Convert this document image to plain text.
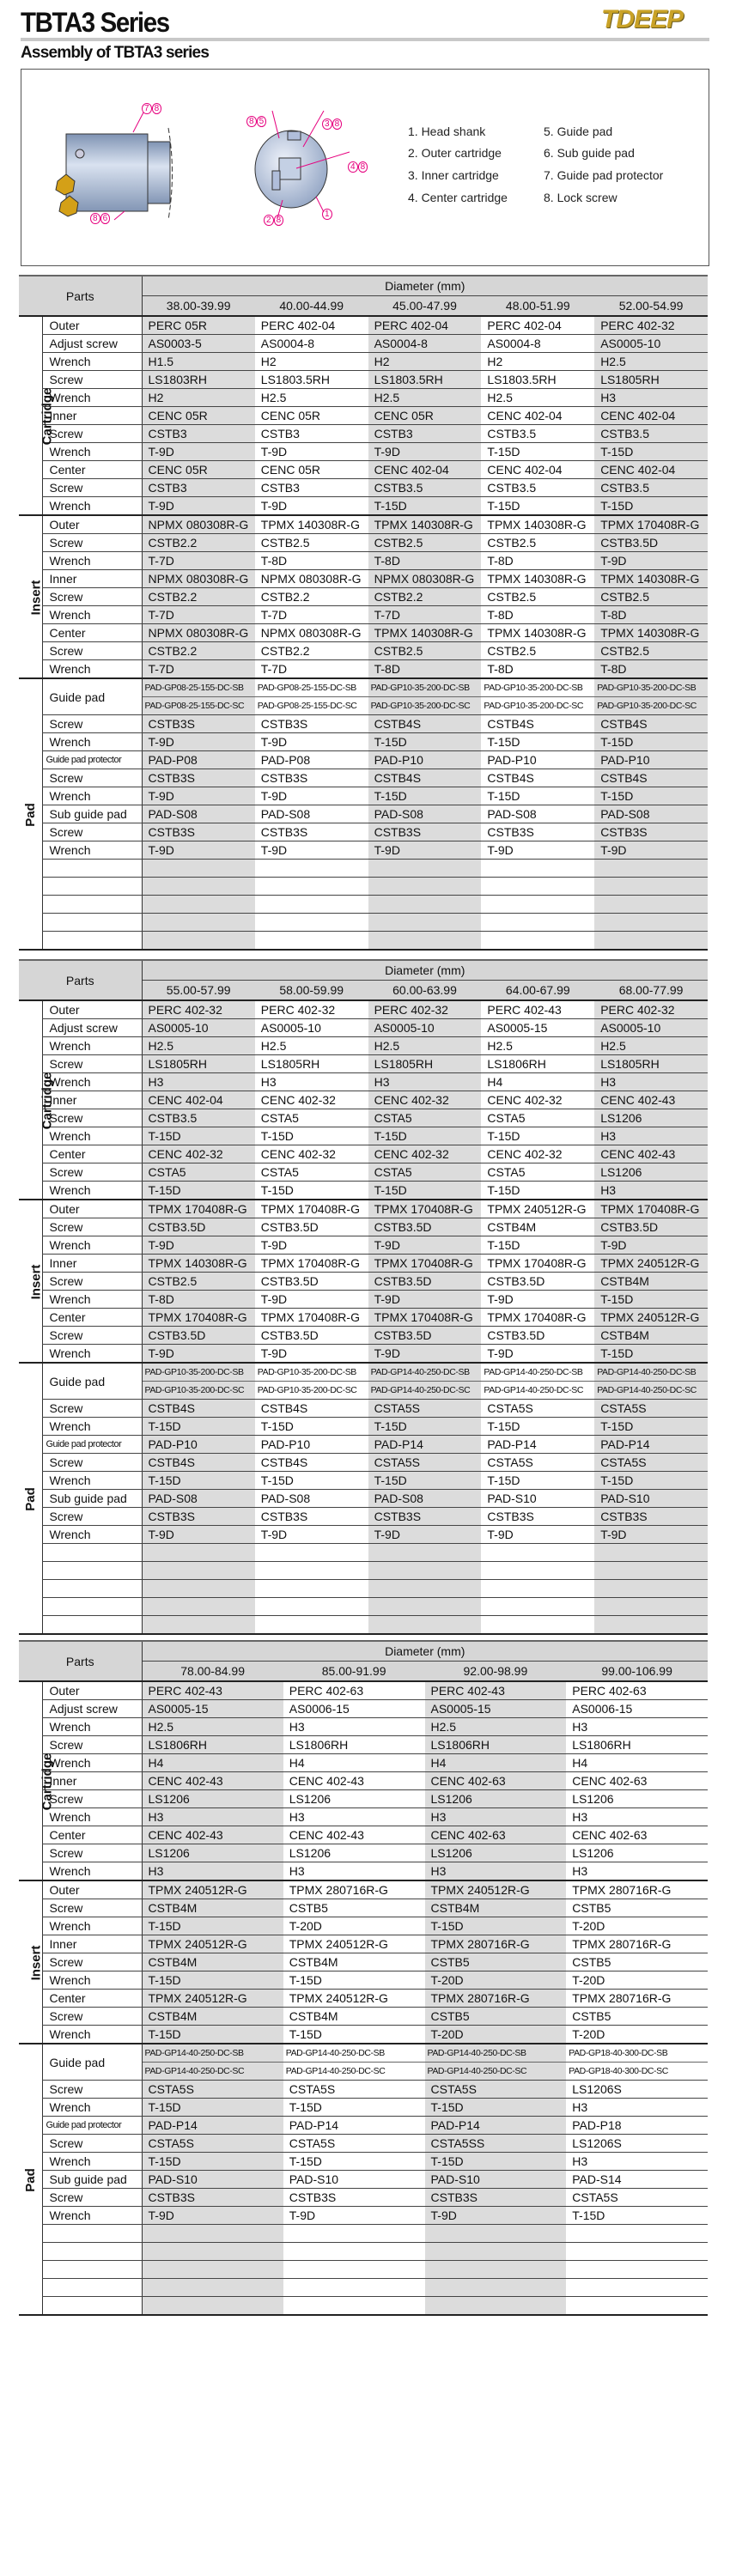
TBTA3 Series	TDEEP
Assembly of TBTA3 series
7 8
8 6
8 5	3 8
4 8
2 8
1
1. Head shank
2. Outer cartridge
3. Inner cartridge
4. Center cartridge
5. Guide pad
6. Sub guide pad
7. Guide pad protector
8. Lock screw
Parts		Diameter (mm)				
		38.00-39.99	40.00-44.99	45.00-47.99	48.00-51.99	52.00-54.99
Cartridge	Outer	PERC 05R	PERC 402-04	PERC 402-04	PERC 402-04	PERC 402-32
	Adjust screw	AS0003-5	AS0004-8	AS0004-8	AS0004-8	AS0005-10
	Wrench	H1.5	H2	H2	H2	H2.5
	Screw	LS1803RH	LS1803.5RH	LS1803.5RH	LS1803.5RH	LS1805RH
	Wrench	H2	H2.5	H2.5	H2.5	H3
	Inner	CENC 05R	CENC 05R	CENC 05R	CENC 402-04	CENC 402-04
	Screw	CSTB3	CSTB3	CSTB3	CSTB3.5	CSTB3.5
	Wrench	T-9D	T-9D	T-9D	T-15D	T-15D
	Center	CENC 05R	CENC 05R	CENC 402-04	CENC 402-04	CENC 402-04
	Screw	CSTB3	CSTB3	CSTB3.5	CSTB3.5	CSTB3.5
	Wrench	T-9D	T-9D	T-15D	T-15D	T-15D
Insert	Outer	NPMX 080308R-G	TPMX 140308R-G	TPMX 140308R-G	TPMX 140308R-G	TPMX 170408R-G
	Screw	CSTB2.2	CSTB2.5	CSTB2.5	CSTB2.5	CSTB3.5D
	Wrench	T-7D	T-8D	T-8D	T-8D	T-9D
	Inner	NPMX 080308R-G	NPMX 080308R-G	NPMX 080308R-G	TPMX 140308R-G	TPMX 140308R-G
	Screw	CSTB2.2	CSTB2.2	CSTB2.2	CSTB2.5	CSTB2.5
	Wrench	T-7D	T-7D	T-7D	T-8D	T-8D
	Center	NPMX 080308R-G	NPMX 080308R-G	TPMX 140308R-G	TPMX 140308R-G	TPMX 140308R-G
	Screw	CSTB2.2	CSTB2.2	CSTB2.5	CSTB2.5	CSTB2.5
	Wrench	T-7D	T-7D	T-8D	T-8D	T-8D
Pad	Guide pad	PAD-GP08-25-155-DC-SB	PAD-GP08-25-155-DC-SB	PAD-GP10-35-200-DC-SB	PAD-GP10-35-200-DC-SB	PAD-GP10-35-200-DC-SB
		PAD-GP08-25-155-DC-SC	PAD-GP08-25-155-DC-SC	PAD-GP10-35-200-DC-SC	PAD-GP10-35-200-DC-SC	PAD-GP10-35-200-DC-SC
	Screw	CSTB3S	CSTB3S	CSTB4S	CSTB4S	CSTB4S
	Wrench	T-9D	T-9D	T-15D	T-15D	T-15D
	Guide pad protector	PAD-P08	PAD-P08	PAD-P10	PAD-P10	PAD-P10
	Screw	CSTB3S	CSTB3S	CSTB4S	CSTB4S	CSTB4S
	Wrench	T-9D	T-9D	T-15D	T-15D	T-15D
	Sub guide pad	PAD-S08	PAD-S08	PAD-S08	PAD-S08	PAD-S08
	Screw	CSTB3S	CSTB3S	CSTB3S	CSTB3S	CSTB3S
	Wrench	T-9D	T-9D	T-9D	T-9D	T-9D

Parts		Diameter (mm)				
		55.00-57.99	58.00-59.99	60.00-63.99	64.00-67.99	68.00-77.99
Cartridge	Outer	PERC 402-32	PERC 402-32	PERC 402-32	PERC 402-43	PERC 402-32
	Adjust screw	AS0005-10	AS0005-10	AS0005-10	AS0005-15	AS0005-10
	Wrench	H2.5	H2.5	H2.5	H2.5	H2.5
	Screw	LS1805RH	LS1805RH	LS1805RH	LS1806RH	LS1805RH
	Wrench	H3	H3	H3	H4	H3
	Inner	CENC 402-04	CENC 402-32	CENC 402-32	CENC 402-32	CENC 402-43
	Screw	CSTB3.5	CSTA5	CSTA5	CSTA5	LS1206
	Wrench	T-15D	T-15D	T-15D	T-15D	H3
	Center	CENC 402-32	CENC 402-32	CENC 402-32	CENC 402-32	CENC 402-43
	Screw	CSTA5	CSTA5	CSTA5	CSTA5	LS1206
	Wrench	T-15D	T-15D	T-15D	T-15D	H3
Insert	Outer	TPMX 170408R-G	TPMX 170408R-G	TPMX 170408R-G	TPMX 240512R-G	TPMX 170408R-G
	Screw	CSTB3.5D	CSTB3.5D	CSTB3.5D	CSTB4M	CSTB3.5D
	Wrench	T-9D	T-9D	T-9D	T-15D	T-9D
	Inner	TPMX 140308R-G	TPMX 170408R-G	TPMX 170408R-G	TPMX 170408R-G	TPMX 240512R-G
	Screw	CSTB2.5	CSTB3.5D	CSTB3.5D	CSTB3.5D	CSTB4M
	Wrench	T-8D	T-9D	T-9D	T-9D	T-15D
	Center	TPMX 170408R-G	TPMX 170408R-G	TPMX 170408R-G	TPMX 170408R-G	TPMX 240512R-G
	Screw	CSTB3.5D	CSTB3.5D	CSTB3.5D	CSTB3.5D	CSTB4M
	Wrench	T-9D	T-9D	T-9D	T-9D	T-15D
Pad	Guide pad	PAD-GP10-35-200-DC-SB	PAD-GP10-35-200-DC-SB	PAD-GP14-40-250-DC-SB	PAD-GP14-40-250-DC-SB	PAD-GP14-40-250-DC-SB
		PAD-GP10-35-200-DC-SC	PAD-GP10-35-200-DC-SC	PAD-GP14-40-250-DC-SC	PAD-GP14-40-250-DC-SC	PAD-GP14-40-250-DC-SC
	Screw	CSTB4S	CSTB4S	CSTA5S	CSTA5S	CSTA5S
	Wrench	T-15D	T-15D	T-15D	T-15D	T-15D
	Guide pad protector	PAD-P10	PAD-P10	PAD-P14	PAD-P14	PAD-P14
	Screw	CSTB4S	CSTB4S	CSTA5S	CSTA5S	CSTA5S
	Wrench	T-15D	T-15D	T-15D	T-15D	T-15D
	Sub guide pad	PAD-S08	PAD-S08	PAD-S08	PAD-S10	PAD-S10
	Screw	CSTB3S	CSTB3S	CSTB3S	CSTB3S	CSTB3S
	Wrench	T-9D	T-9D	T-9D	T-9D	T-9D

Parts		Diameter (mm)			
		78.00-84.99	85.00-91.99	92.00-98.99	99.00-106.99
Cartridge	Outer	PERC 402-43	PERC 402-63	PERC 402-43	PERC 402-63
	Adjust screw	AS0005-15	AS0006-15	AS0005-15	AS0006-15
	Wrench	H2.5	H3	H2.5	H3
	Screw	LS1806RH	LS1806RH	LS1806RH	LS1806RH
	Wrench	H4	H4	H4	H4
	Inner	CENC 402-43	CENC 402-43	CENC 402-63	CENC 402-63
	Screw	LS1206	LS1206	LS1206	LS1206
	Wrench	H3	H3	H3	H3
	Center	CENC 402-43	CENC 402-43	CENC 402-63	CENC 402-63
	Screw	LS1206	LS1206	LS1206	LS1206
	Wrench	H3	H3	H3	H3
Insert	Outer	TPMX 240512R-G	TPMX 280716R-G	TPMX 240512R-G	TPMX 280716R-G
	Screw	CSTB4M	CSTB5	CSTB4M	CSTB5
	Wrench	T-15D	T-20D	T-15D	T-20D
	Inner	TPMX 240512R-G	TPMX 240512R-G	TPMX 280716R-G	TPMX 280716R-G
	Screw	CSTB4M	CSTB4M	CSTB5	CSTB5
	Wrench	T-15D	T-15D	T-20D	T-20D
	Center	TPMX 240512R-G	TPMX 240512R-G	TPMX 280716R-G	TPMX 280716R-G
	Screw	CSTB4M	CSTB4M	CSTB5	CSTB5
	Wrench	T-15D	T-15D	T-20D	T-20D
Pad	Guide pad	PAD-GP14-40-250-DC-SB	PAD-GP14-40-250-DC-SB	PAD-GP14-40-250-DC-SB	PAD-GP18-40-300-DC-SB
		PAD-GP14-40-250-DC-SC	PAD-GP14-40-250-DC-SC	PAD-GP14-40-250-DC-SC	PAD-GP18-40-300-DC-SC
	Screw	CSTA5S	CSTA5S	CSTA5S	LS1206S
	Wrench	T-15D	T-15D	T-15D	H3
	Guide pad protector	PAD-P14	PAD-P14	PAD-P14	PAD-P18
	Screw	CSTA5S	CSTA5S	CSTA5SS	LS1206S
	Wrench	T-15D	T-15D	T-15D	H3
	Sub guide pad	PAD-S10	PAD-S10	PAD-S10	PAD-S14
	Screw	CSTB3S	CSTB3S	CSTB3S	CSTA5S
	Wrench	T-9D	T-9D	T-9D	T-15D
